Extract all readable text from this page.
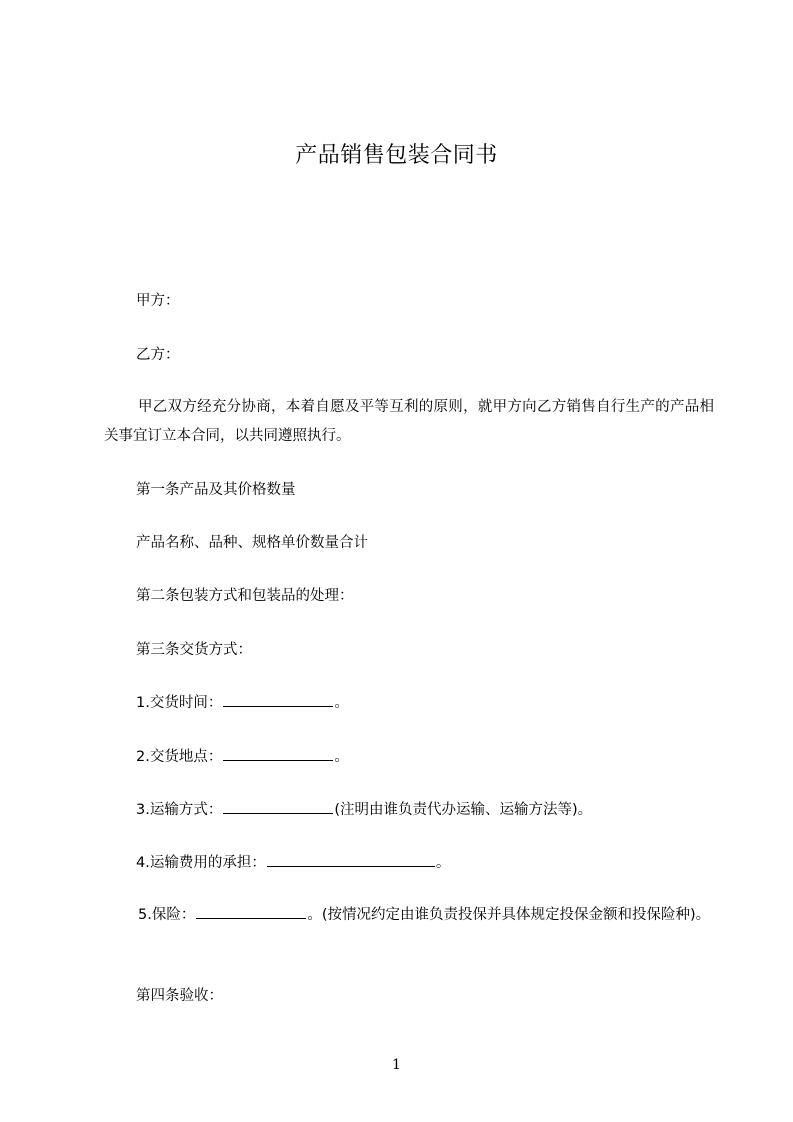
产品销售包装合同书

甲方：

乙方：

甲乙双方经充分协商，本着自愿及平等互利的原则，就甲方向乙方销售自行生产的产品相关事宜订立本合同，以共同遵照执行。

第一条产品及其价格数量

产品名称、品种、规格单价数量合计

第二条包装方式和包装品的处理：

第三条交货方式：

1.交货时间：	。

2.交货地点：	。

3.运输方式：	(注明由谁负责代办运输、运输方法等)。

4.运输费用的承担：	。

5.保险：	。(按情况约定由谁负责投保并具体规定投保金额和投保险种)。

第四条验收：

1
